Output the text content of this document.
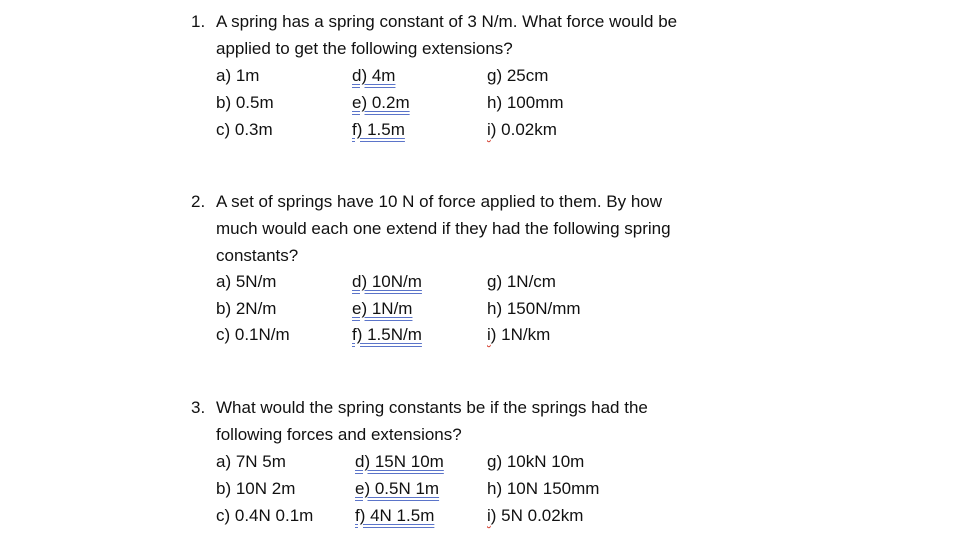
1. A spring has a spring constant of 3 N/m. What force would be
applied to get the following extensions?
a) 1m	d) 4m	g) 25cm
b) 0.5m	e) 0.2m	h) 100mm
c) 0.3m	f) 1.5m	i) 0.02km
2. A set of springs have 10 N of force applied to them. By how
much would each one extend if they had the following spring
constants?
a) 5N/m	d) 10N/m	g) 1N/cm
b) 2N/m	e) 1N/m	h) 150N/mm
c) 0.1N/m	f) 1.5N/m	i) 1N/km
3. What would the spring constants be if the springs had the
following forces and extensions?
a) 7N 5m	d) 15N 10m	g) 10kN 10m
b) 10N 2m	e) 0.5N 1m	h) 10N 150mm
c) 0.4N 0.1m f) 4N 1.5m	i) 5N 0.02km
